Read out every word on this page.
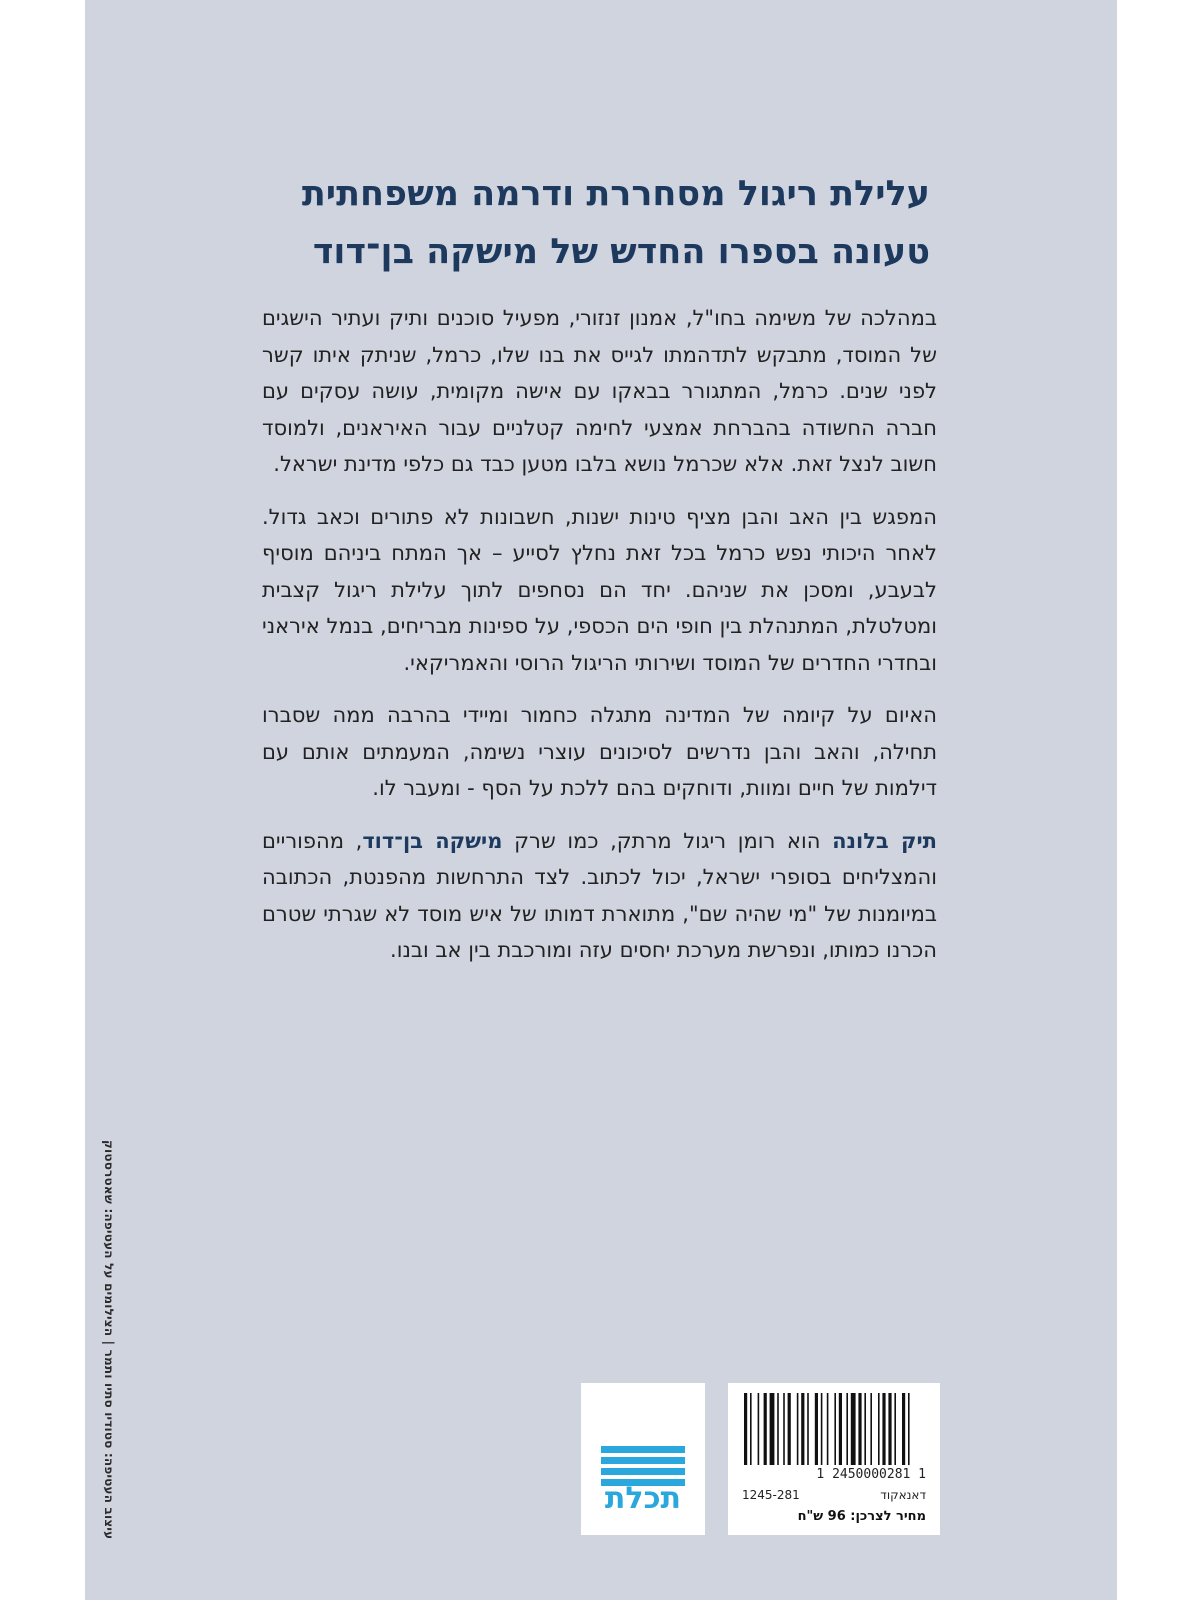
עלילת ריגול מסחררת ודרמה משפחתית
טעונה בספרו החדש של מישקה בן־דוד

במהלכה של משימה בחו"ל, אמנון זנזורי, מפעיל סוכנים ותיק ועתיר הישגים של המוסד, מתבקש לתדהמתו לגייס את בנו שלו, כרמל, שניתק איתו קשר לפני שנים. כרמל, המתגורר בבאקו עם אישה מקומית, עושה עסקים עם חברה החשודה בהברחת אמצעי לחימה קטלניים עבור האיראנים, ולמוסד חשוב לנצל זאת. אלא שכרמל נושא בלבו מטען כבד גם כלפי מדינת ישראל.

המפגש בין האב והבן מציף טינות ישנות, חשבונות לא פתורים וכאב גדול. לאחר היכותי נפש כרמל בכל זאת נחלץ לסייע – אך המתח ביניהם מוסיף לבעבע, ומסכן את שניהם. יחד הם נסחפים לתוך עלילת ריגול קצבית ומטלטלת, המתנהלת בין חופי הים הכספי, על ספינות מבריחים, בנמל איראני ובחדרי החדרים של המוסד ושירותי הריגול הרוסי והאמריקאי.

האיום על קיומה של המדינה מתגלה כחמור ומיידי בהרבה ממה שסברו תחילה, והאב והבן נדרשים לסיכונים עוצרי נשימה, המעמתים אותם עם דילמות של חיים ומוות, ודוחקים בהם ללכת על הסף - ומעבר לו.

תיק בלונה הוא רומן ריגול מרתק, כמו שרק מישקה בן־דוד, מהפוריים והמצליחים בסופרי ישראל, יכול לכתוב. לצד התרחשות מהפנטת, הכתובה במיומנות של "מי שהיה שם", מתוארת דמותו של איש מוסד לא שגרתי שטרם הכרנו כמותו, ונפרשת מערכת יחסים עזה ומורכבת בין אב ובנו.

עיצוב העטיפה: סטודיו סתיו ותמר | הצילומים על העטיפה: שאטרסטוק	תכלת
1 2450000281 1
1245-281	דאנאקוד
מחיר לצרכן: 96 ש"ח
